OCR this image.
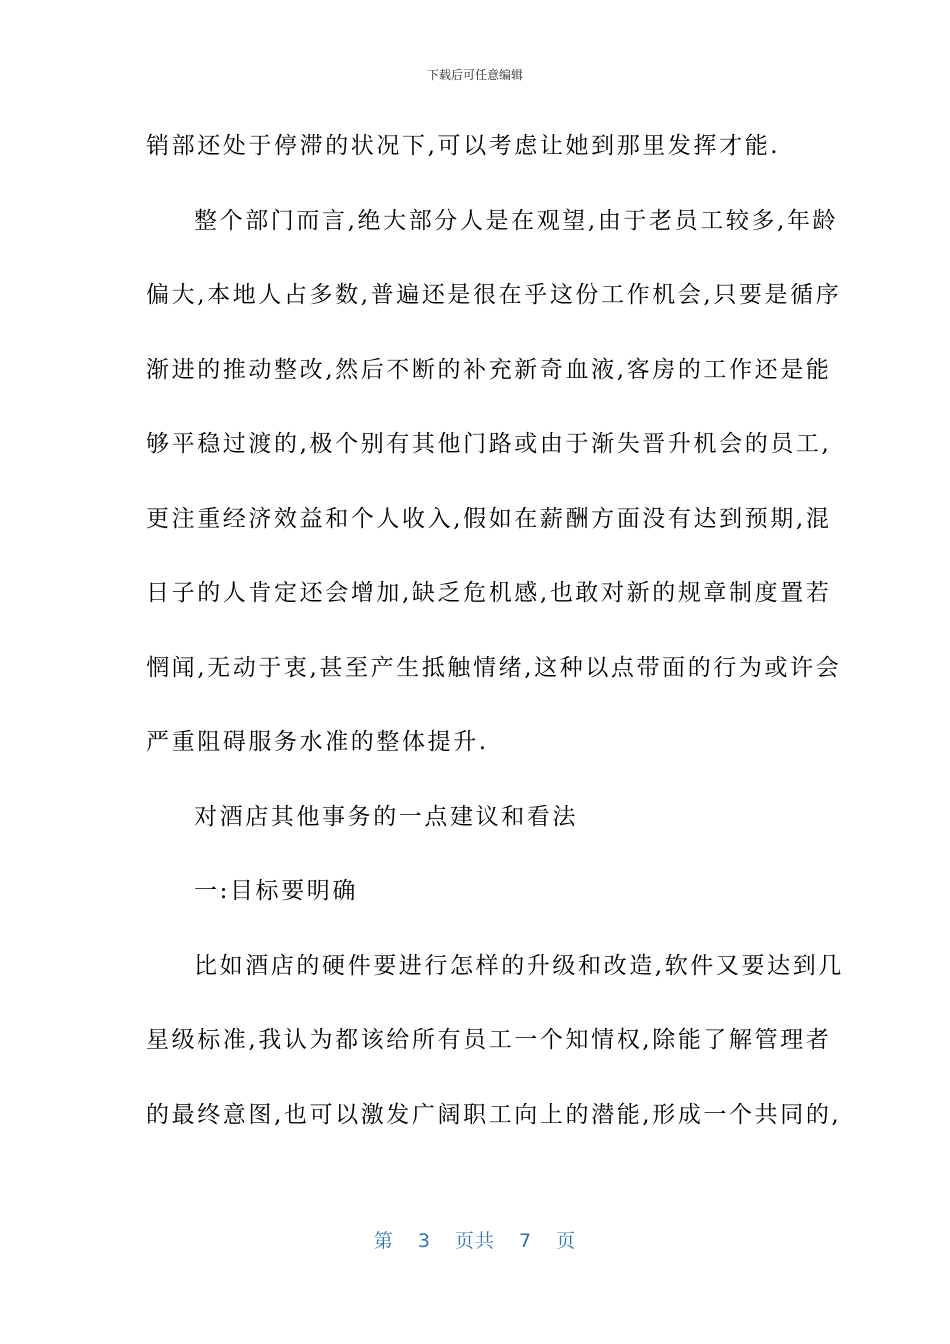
下载后可任意编辑
销部还处于停滞的状况下,可以考虑让她到那里发挥才能.
整个部门而言,绝大部分人是在观望,由于老员工较多,年龄
偏大,本地人占多数,普遍还是很在乎这份工作机会,只要是循序
渐进的推动整改,然后不断的补充新奇血液,客房的工作还是能
够平稳过渡的,极个别有其他门路或由于渐失晋升机会的员工,
更注重经济效益和个人收入,假如在薪酬方面没有达到预期,混
日子的人肯定还会增加,缺乏危机感,也敢对新的规章制度置若
惘闻,无动于衷,甚至产生抵触情绪,这种以点带面的行为或许会
严重阻碍服务水准的整体提升.
对酒店其他事务的一点建议和看法
一:目标要明确
比如酒店的硬件要进行怎样的升级和改造,软件又要达到几
星级标准,我认为都该给所有员工一个知情权,除能了解管理者
的最终意图,也可以激发广阔职工向上的潜能,形成一个共同的,
第 3 页共 7 页
